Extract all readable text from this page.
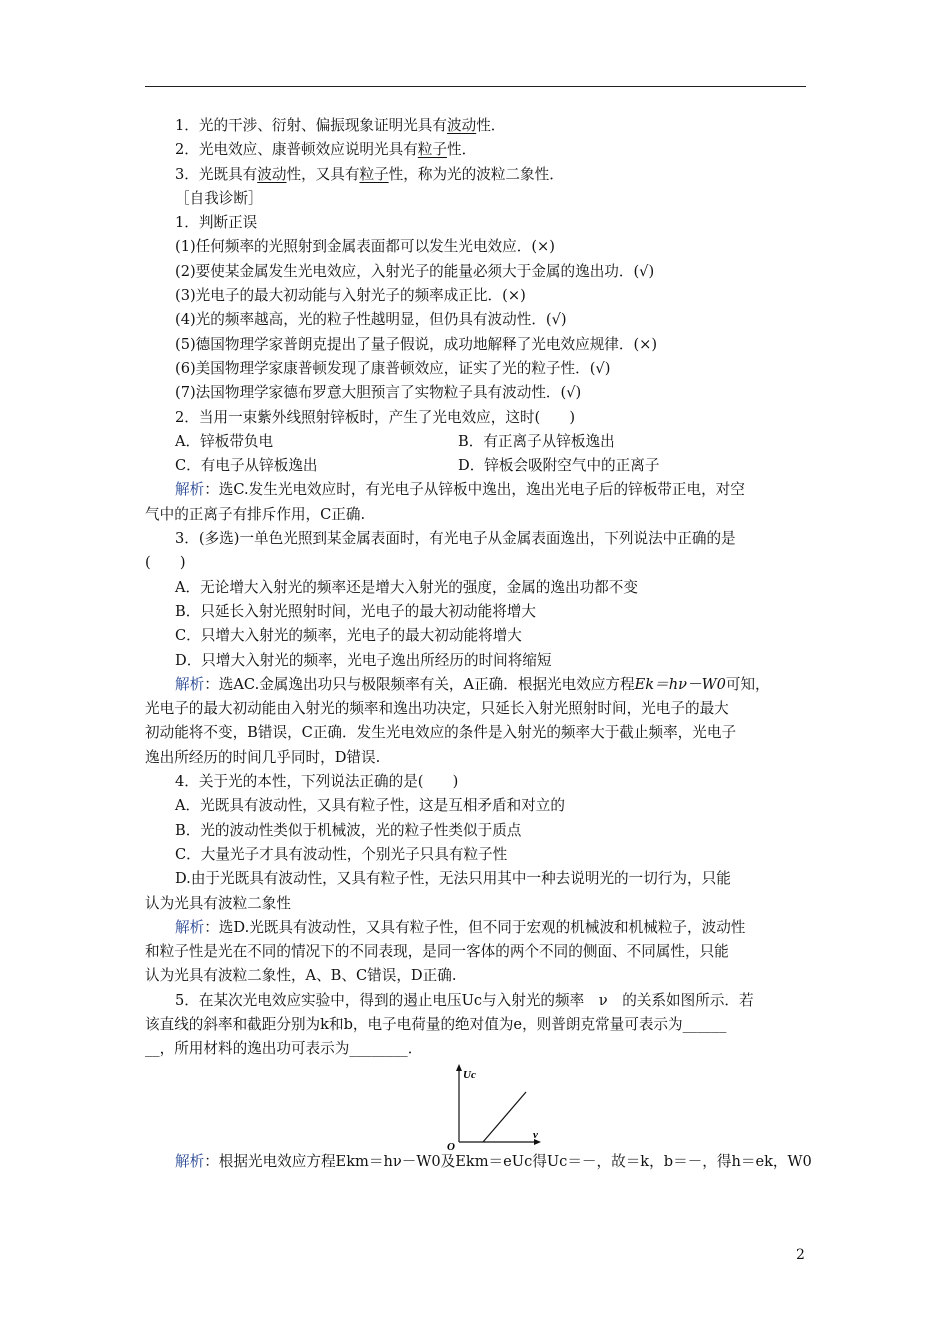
1．光的干涉、衍射、偏振现象证明光具有波动性．
2．光电效应、康普顿效应说明光具有粒子性．
3．光既具有波动性，又具有粒子性，称为光的波粒二象性．
［自我诊断］
1．判断正误
(1)任何频率的光照射到金属表面都可以发生光电效应．(×)
(2)要使某金属发生光电效应，入射光子的能量必须大于金属的逸出功．(√)
(3)光电子的最大初动能与入射光子的频率成正比．(×)
(4)光的频率越高，光的粒子性越明显，但仍具有波动性．(√)
(5)德国物理学家普朗克提出了量子假说，成功地解释了光电效应规律．(×)
(6)美国物理学家康普顿发现了康普顿效应，证实了光的粒子性．(√)
(7)法国物理学家德布罗意大胆预言了实物粒子具有波动性．(√)
2．当用一束紫外线照射锌板时，产生了光电效应，这时(　　)
A．锌板带负电	B．有正离子从锌板逸出
C．有电子从锌板逸出	D．锌板会吸附空气中的正离子
解析：选C.发生光电效应时，有光电子从锌板中逸出，逸出光电子后的锌板带正电，对空
气中的正离子有排斥作用，C正确.
3．(多选)一单色光照到某金属表面时，有光电子从金属表面逸出，下列说法中正确的是
(　　)
A．无论增大入射光的频率还是增大入射光的强度，金属的逸出功都不变
B．只延长入射光照射时间，光电子的最大初动能将增大
C．只增大入射光的频率，光电子的最大初动能将增大
D．只增大入射光的频率，光电子逸出所经历的时间将缩短
解析：选AC.金属逸出功只与极限频率有关，A正确．根据光电效应方程Ek＝hν－W0可知，
光电子的最大初动能由入射光的频率和逸出功决定，只延长入射光照射时间，光电子的最大
初动能将不变，B错误，C正确．发生光电效应的条件是入射光的频率大于截止频率，光电子
逸出所经历的时间几乎同时，D错误.
4．关于光的本性，下列说法正确的是(　　)
A．光既具有波动性，又具有粒子性，这是互相矛盾和对立的
B．光的波动性类似于机械波，光的粒子性类似于质点
C．大量光子才具有波动性，个别光子只具有粒子性
D.由于光既具有波动性，又具有粒子性，无法只用其中一种去说明光的一切行为，只能
认为光具有波粒二象性
解析：选D.光既具有波动性，又具有粒子性，但不同于宏观的机械波和机械粒子，波动性
和粒子性是光在不同的情况下的不同表现，是同一客体的两个不同的侧面、不同属性，只能
认为光具有波粒二象性，A、B、C错误，D正确.
5．在某次光电效应实验中，得到的遏止电压Uc与入射光的频率　ν　的关系如图所示．若
该直线的斜率和截距分别为k和b，电子电荷量的绝对值为e，则普朗克常量可表示为______
__，所用材料的逸出功可表示为________．
Uc
O
ν
解析：根据光电效应方程Ekm＝hν－W0及Ekm＝eUc得Uc＝－，故＝k，b＝－，得h＝ek，W0
2
